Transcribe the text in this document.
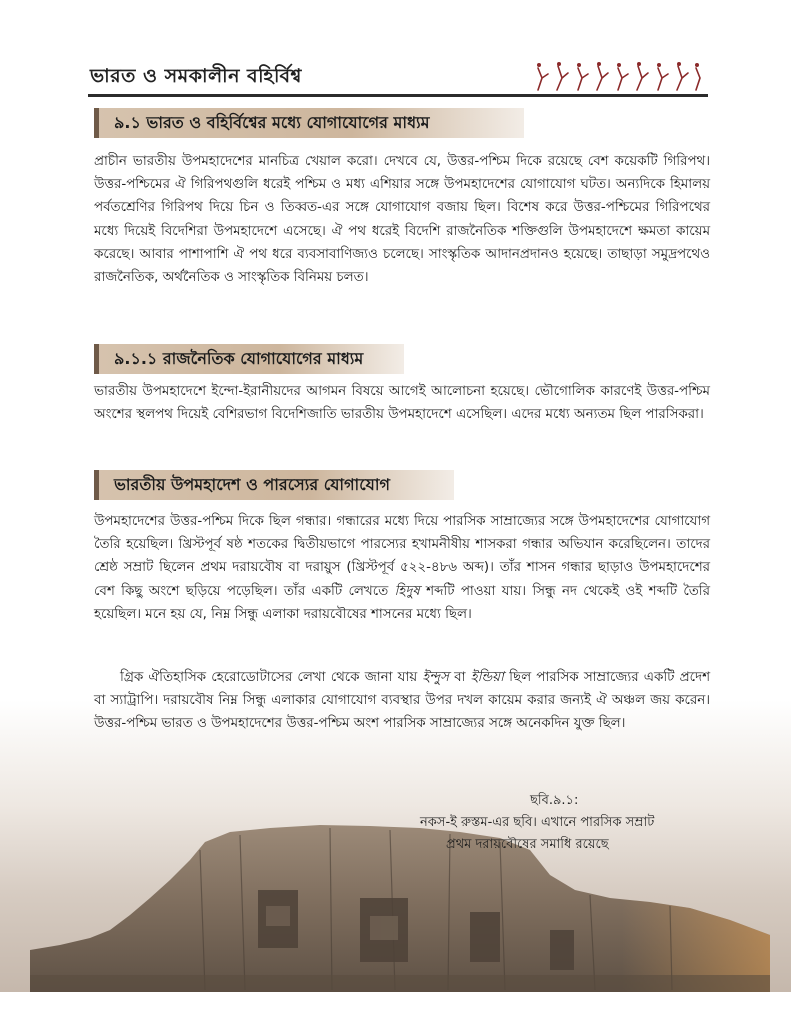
ভারত ও সমকালীন বহির্বিশ্ব
৯.১ ভারত ও বহির্বিশ্বের মধ্যে যোগাযোগের মাধ্যম

প্রাচীন ভারতীয় উপমহাদেশের মানচিত্র খেয়াল করো। দেখবে যে, উত্তর-পশ্চিম দিকে রয়েছে বেশ কয়েকটি গিরিপথ। উত্তর-পশ্চিমের ঐ গিরিপথগুলি ধরেই পশ্চিম ও মধ্য এশিয়ার সঙ্গে উপমহাদেশের যোগাযোগ ঘটত। অন্যদিকে হিমালয় পর্বতশ্রেণির গিরিপথ দিয়ে চিন ও তিব্বত-এর সঙ্গে যোগাযোগ বজায় ছিল। বিশেষ করে উত্তর-পশ্চিমের গিরিপথের মধ্যে দিয়েই বিদেশিরা উপমহাদেশে এসেছে। ঐ পথ ধরেই বিদেশি রাজনৈতিক শক্তিগুলি উপমহাদেশে ক্ষমতা কায়েম করেছে। আবার পাশাপাশি ঐ পথ ধরে ব্যবসাবাণিজ্যও চলেছে। সাংস্কৃতিক আদানপ্রদানও হয়েছে। তাছাড়া সমুদ্রপথেও রাজনৈতিক, অর্থনৈতিক ও সাংস্কৃতিক বিনিময় চলত।

৯.১.১ রাজনৈতিক যোগাযোগের মাধ্যম

ভারতীয় উপমহাদেশে ইন্দো-ইরানীয়দের আগমন বিষয়ে আগেই আলোচনা হয়েছে। ভৌগোলিক কারণেই উত্তর-পশ্চিম অংশের স্থলপথ দিয়েই বেশিরভাগ বিদেশিজাতি ভারতীয় উপমহাদেশে এসেছিল। এদের মধ্যে অন্যতম ছিল পারসিকরা।

ভারতীয় উপমহাদেশ ও পারস্যের যোগাযোগ

উপমহাদেশের উত্তর-পশ্চিম দিকে ছিল গন্ধার। গন্ধারের মধ্যে দিয়ে পারসিক সাম্রাজ্যের সঙ্গে উপমহাদেশের যোগাযোগ তৈরি হয়েছিল। খ্রিস্টপূর্ব ষষ্ঠ শতকের দ্বিতীয়ভাগে পারস্যের হখামনীষীয় শাসকরা গন্ধার অভিযান করেছিলেন। তাদের শ্রেষ্ঠ সম্রাট ছিলেন প্রথম দরায়বৌষ বা দরায়ুস (খ্রিস্টপূর্ব ৫২২-৪৮৬ অব্দ)। তাঁর শাসন গন্ধার ছাড়াও উপমহাদেশের বেশ কিছু অংশে ছড়িয়ে পড়েছিল। তাঁর একটি লেখতে হিদুষ শব্দটি পাওয়া যায়। সিন্ধু নদ থেকেই ওই শব্দটি তৈরি হয়েছিল। মনে হয় যে, নিম্ন সিন্ধু এলাকা দরায়বৌষের শাসনের মধ্যে ছিল।

গ্রিক ঐতিহাসিক হেরোডোটাসের লেখা থেকে জানা যায় ইন্দুস বা ইন্ডিয়া ছিল পারসিক সাম্রাজ্যের একটি প্রদেশ বা স্যাট্রাপি। দরায়বৌষ নিম্ন সিন্ধু এলাকার যোগাযোগ ব্যবস্থার উপর দখল কায়েম করার জন্যই ঐ অঞ্চল জয় করেন। উত্তর-পশ্চিম ভারত ও উপমহাদেশের উত্তর-পশ্চিম অংশ পারসিক সাম্রাজ্যের সঙ্গে অনেকদিন যুক্ত ছিল।

ছবি.৯.১:
নকস-ই রুস্তম-এর ছবি। এখানে পারসিক সম্রাট
প্রথম দরায়বৌষের সমাধি রয়েছে
